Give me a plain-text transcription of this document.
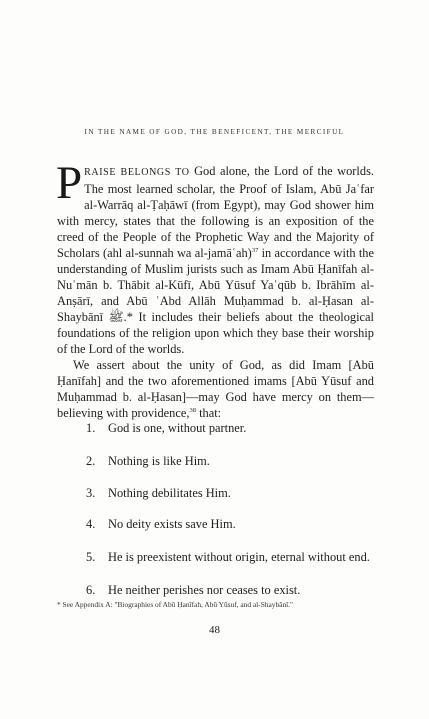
IN THE NAME OF GOD, THE BENEFICENT, THE MERCIFUL

PRAISE BELONGS TO God alone, the Lord of the worlds. The most learned scholar, the Proof of Islam, Abū Jaʿfar al-Warrāq al-Ṭaḥāwī (from Egypt), may God shower him with mercy, states that the following is an exposition of the creed of the People of the Prophetic Way and the Majority of Scholars (ahl al-sunnah wa al-jamāʿah)$^{37}$ in accordance with the understanding of Muslim jurists such as Imam Abū Ḥanīfah al-Nuʿmān b. Thābit al-Kūfī, Abū Yūsuf Yaʿqūb b. Ibrāhīm al-Anṣārī, and Abū ʿAbd Allāh Muḥammad b. al-Ḥasan al-Shaybānī ﷺ.* It includes their beliefs about the theological foundations of the religion upon which they base their worship of the Lord of the worlds.

We assert about the unity of God, as did Imam [Abū Ḥanīfah] and the two aforementioned imams [Abū Yūsuf and Muḥammad b. al-Ḥasan]—may God have mercy on them—believing with providence,$^{38}$ that:

1. God is one, without partner.
2. Nothing is like Him.
3. Nothing debilitates Him.
4. No deity exists save Him.
5. He is preexistent without origin, eternal without end.
6. He neither perishes nor ceases to exist.
* See Appendix A: "Biographies of Abū Ḥanīfah, Abū Yūsuf, and al-Shaybānī."
48
